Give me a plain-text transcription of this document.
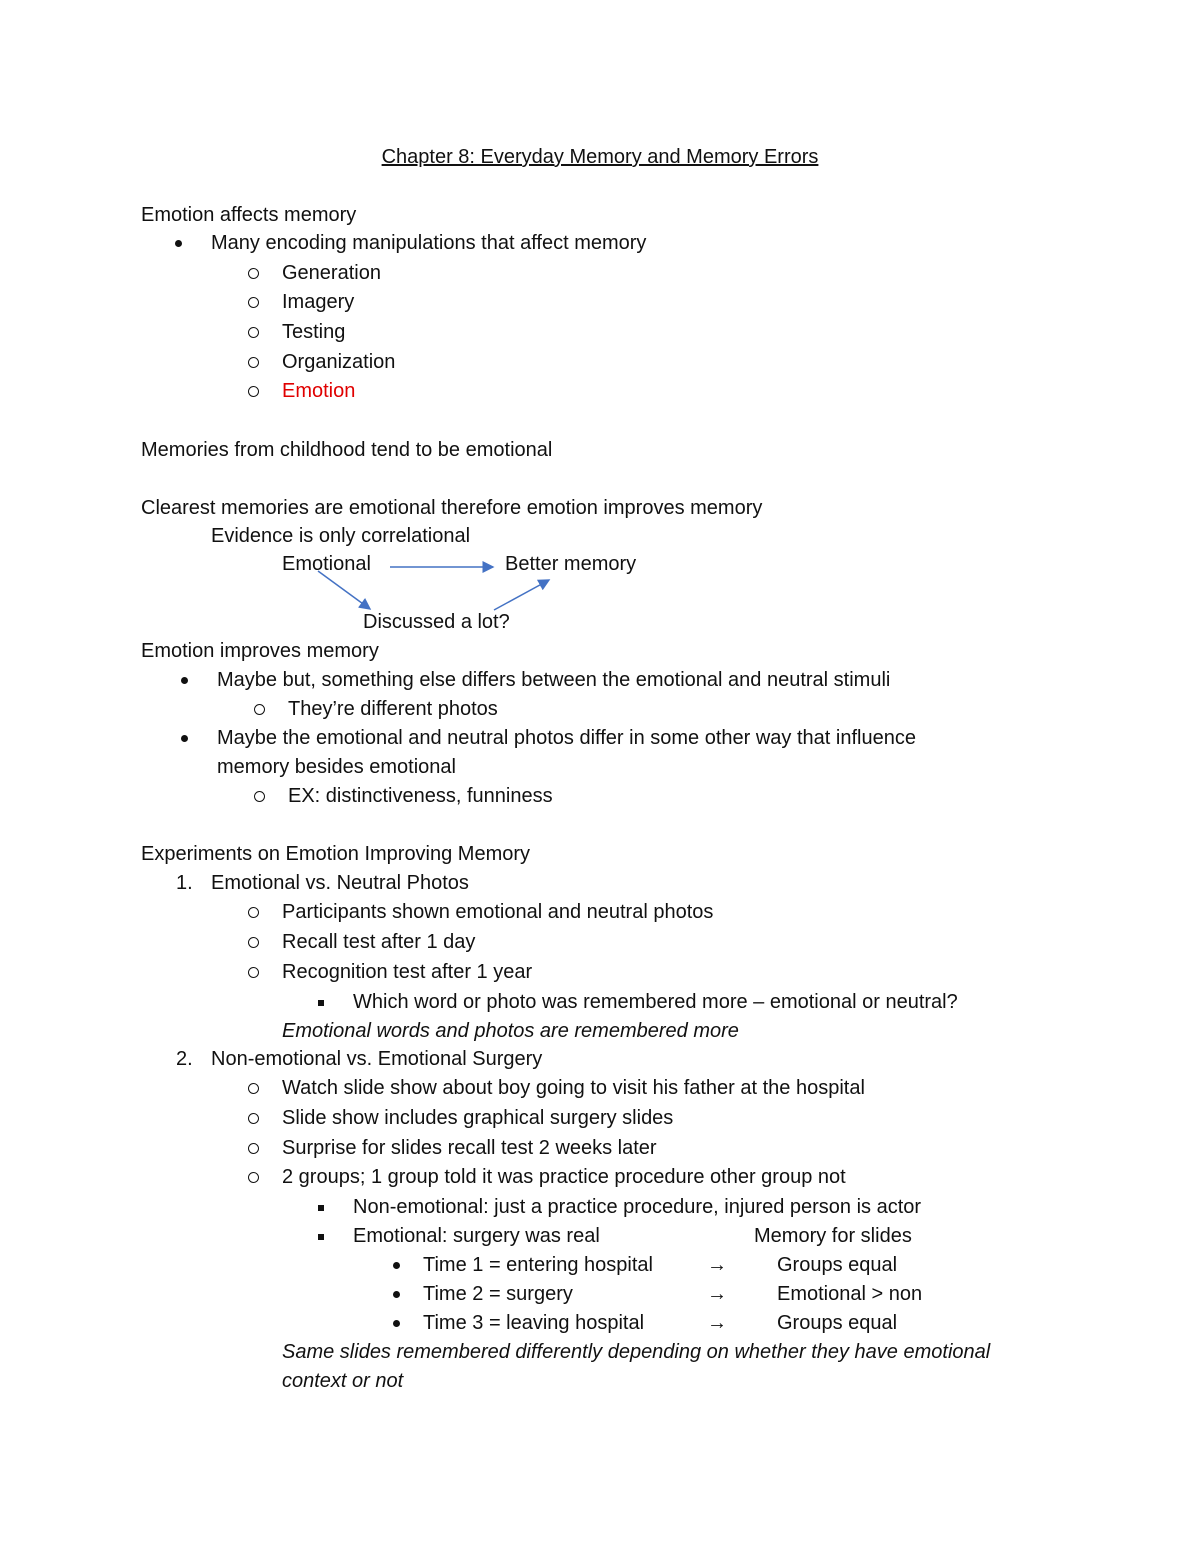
Chapter 8: Everyday Memory and Memory Errors
Emotion affects memory
Many encoding manipulations that affect memory
Generation
Imagery
Testing
Organization
Emotion
Memories from childhood tend to be emotional
Clearest memories are emotional therefore emotion improves memory
Evidence is only correlational
Emotional	Better memory
Discussed a lot?
Emotion improves memory
Maybe but, something else differs between the emotional and neutral stimuli
They’re different photos
Maybe the emotional and neutral photos differ in some other way that influence
memory besides emotional
EX: distinctiveness, funniness
Experiments on Emotion Improving Memory
1. Emotional vs. Neutral Photos
Participants shown emotional and neutral photos
Recall test after 1 day
Recognition test after 1 year
Which word or photo was remembered more – emotional or neutral?
Emotional words and photos are remembered more
2. Non-emotional vs. Emotional Surgery
Watch slide show about boy going to visit his father at the hospital
Slide show includes graphical surgery slides
Surprise for slides recall test 2 weeks later
2 groups; 1 group told it was practice procedure other group not
Non-emotional: just a practice procedure, injured person is actor
Emotional: surgery was real	Memory for slides
Time 1 = entering hospital	→	Groups equal
Time 2 = surgery	→	Emotional > non
Time 3 = leaving hospital	→	Groups equal
Same slides remembered differently depending on whether they have emotional
context or not
